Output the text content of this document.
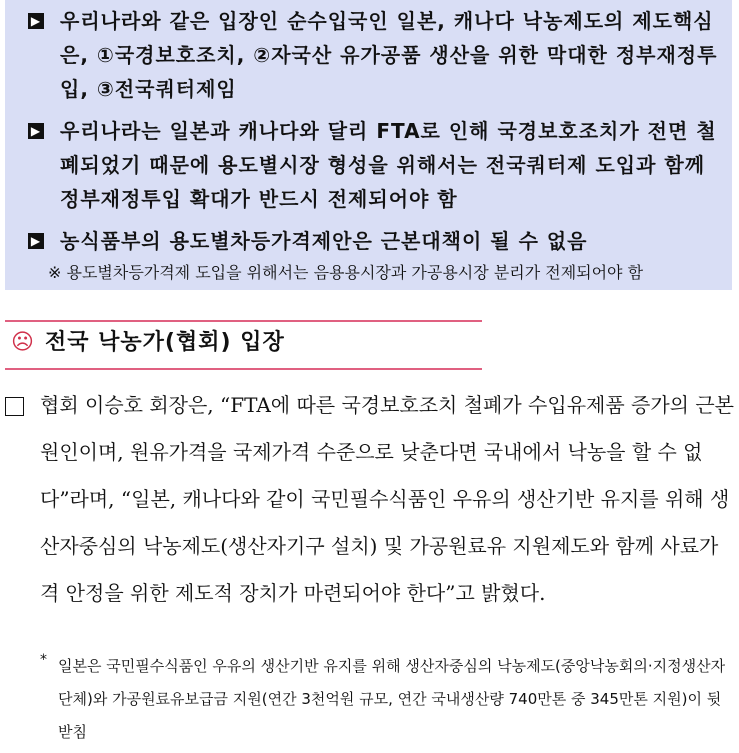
▶ 우리나라와 같은 입장인 순수입국인 일본, 캐나다 낙농제도의 제도핵심은, ①국경보호조치, ②자국산 유가공품 생산을 위한 막대한 정부재정투입, ③전국쿼터제임
▶ 우리나라는 일본과 캐나다와 달리 FTA로 인해 국경보호조치가 전면 철폐되었기 때문에 용도별시장 형성을 위해서는 전국쿼터제 도입과 함께 정부재정투입 확대가 반드시 전제되어야 함
▶ 농식품부의 용도별차등가격제안은 근본대책이 될 수 없음
※ 용도별차등가격제 도입을 위해서는 음용용시장과 가공용시장 분리가 전제되어야 함
☹ 전국 낙농가(협회) 입장
협회 이승호 회장은, “FTA에 따른 국경보호조치 철폐가 수입유제품 증가의 근본원인이며, 원유가격을 국제가격 수준으로 낮춘다면 국내에서 낙농을 할 수 없다”라며, “일본, 캐나다와 같이 국민필수식품인 우유의 생산기반 유지를 위해 생산자중심의 낙농제도(생산자기구 설치) 및 가공원료유 지원제도와 함께 사료가격 안정을 위한 제도적 장치가 마련되어야 한다”고 밝혔다.
* 일본은 국민필수식품인 우유의 생산기반 유지를 위해 생산자중심의 낙농제도(중앙낙농회의·지정생산자단체)와 가공원료유보급금 지원(연간 3천억원 규모, 연간 국내생산량 740만톤 중 345만톤 지원)이 뒷받침
